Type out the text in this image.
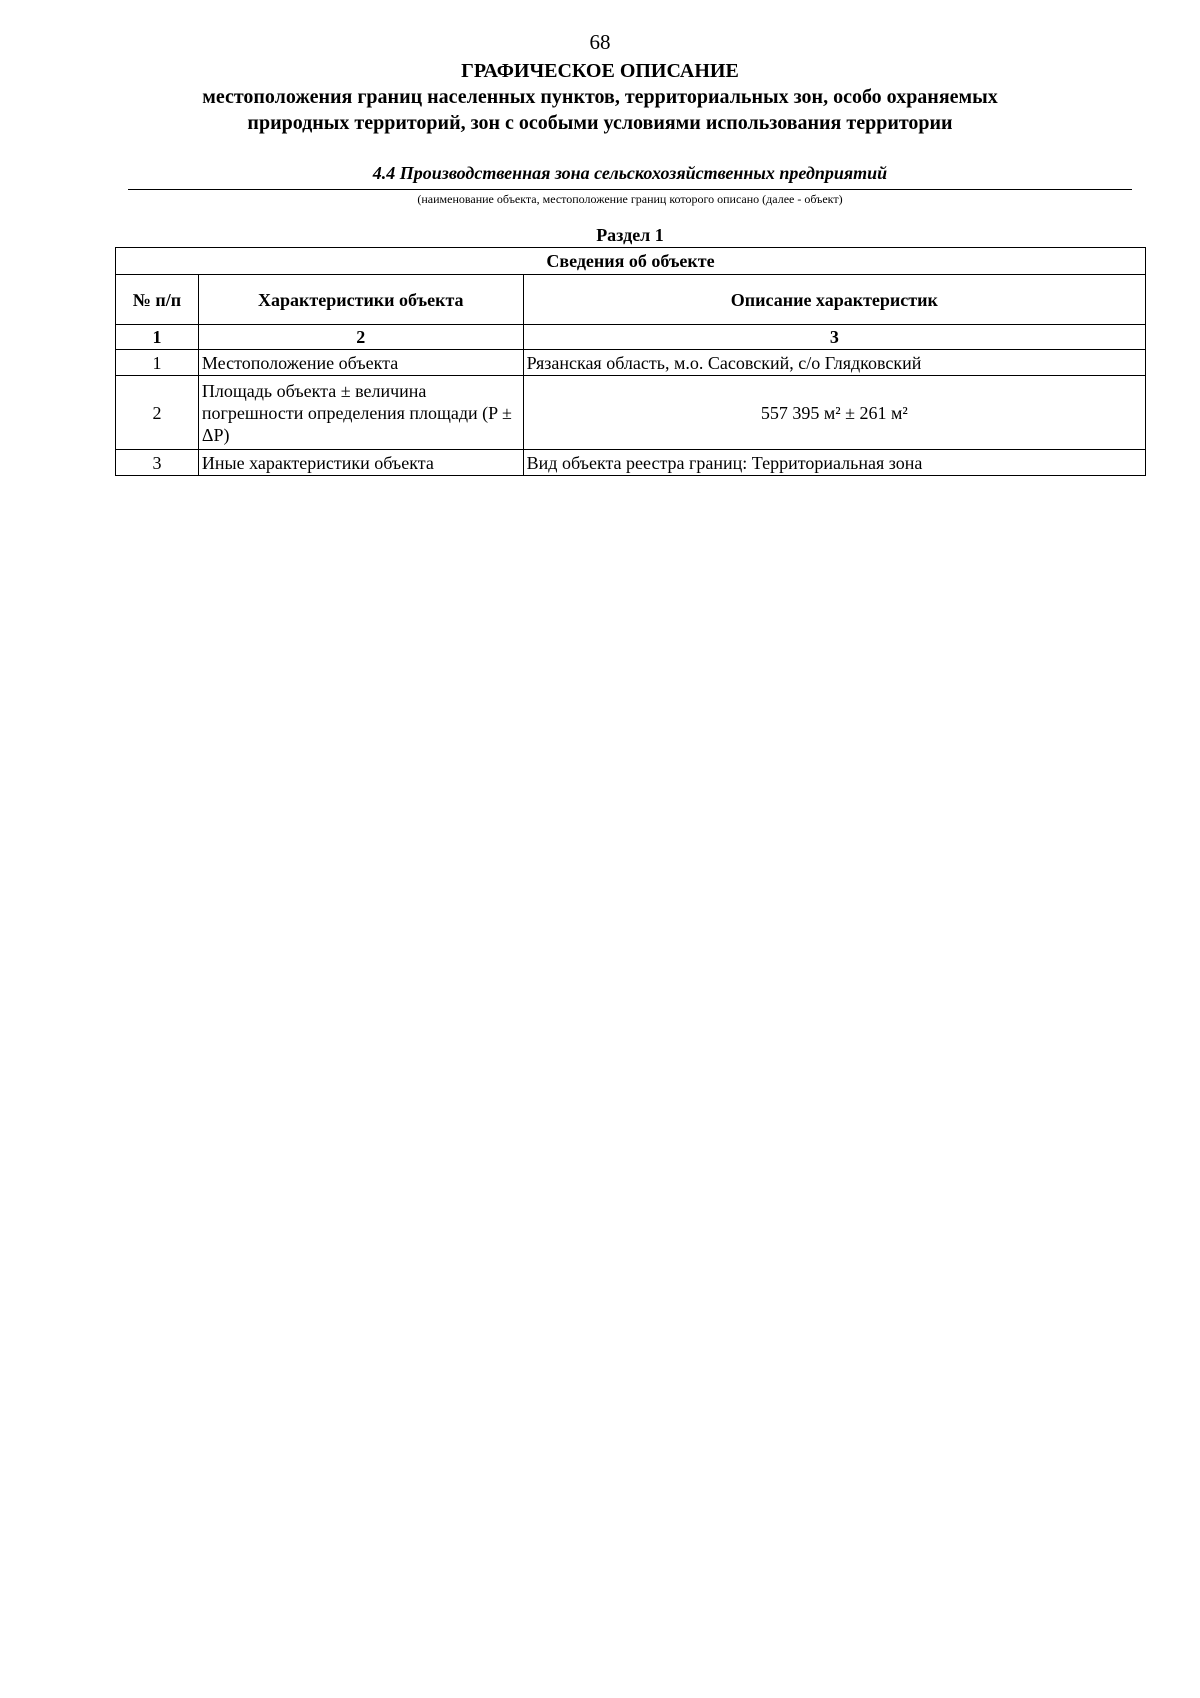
68
ГРАФИЧЕСКОЕ ОПИСАНИЕ
местоположения границ населенных пунктов, территориальных зон, особо охраняемых природных территорий, зон с особыми условиями использования территории
4.4 Производственная зона сельскохозяйственных предприятий
(наименование объекта, местоположение границ которого описано (далее - объект)
Раздел 1
Сведения об объекте		
№ п/п	Характеристики объекта	Описание характеристик
1	2	3
1	Местоположение объекта	Рязанская область, м.о. Сасовский, с/о Глядковский
2	Площадь объекта ± величина погрешности определения площади (P ± ΔP)	557 395 м² ± 261 м²
3	Иные характеристики объекта	Вид объекта реестра границ: Территориальная зона
